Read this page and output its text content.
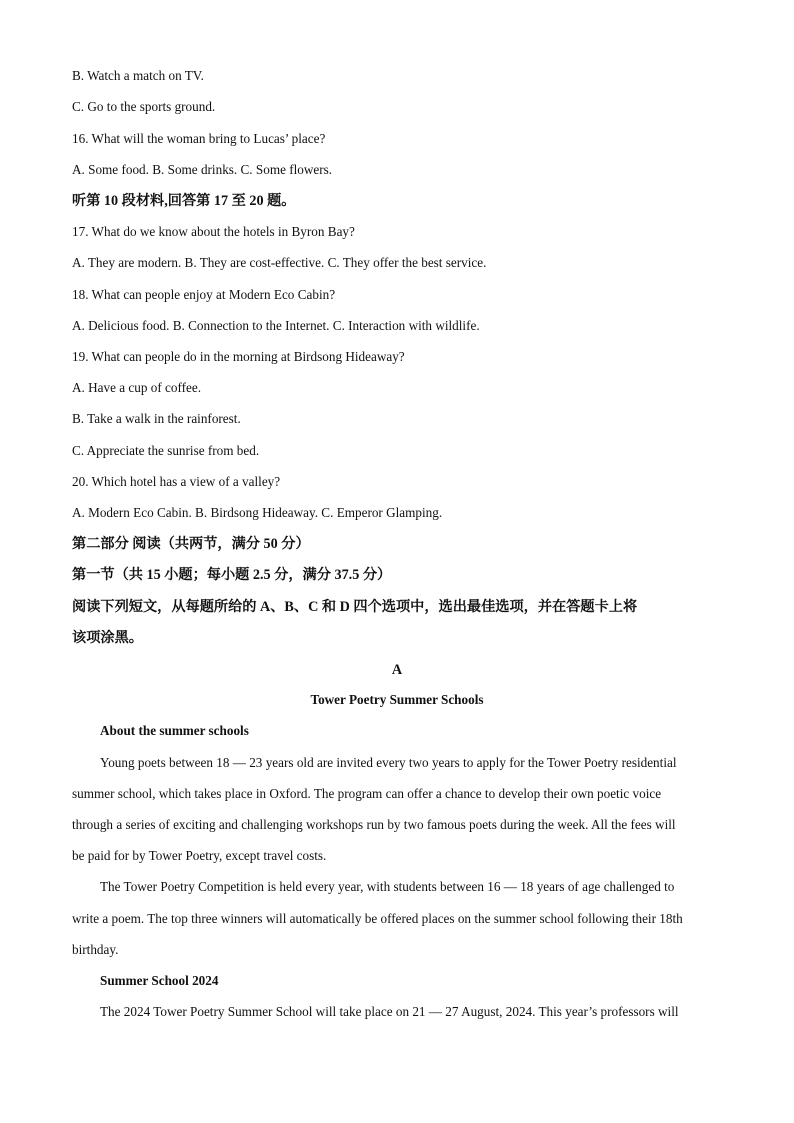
B. Watch a match on TV.
C. Go to the sports ground.
16. What will the woman bring to Lucas’ place?
A. Some food. B. Some drinks. C. Some flowers.
听第 10 段材料,回答第 17 至 20 题。
17. What do we know about the hotels in Byron Bay?
A. They are modern. B. They are cost-effective. C. They offer the best service.
18. What can people enjoy at Modern Eco Cabin?
A. Delicious food. B. Connection to the Internet. C. Interaction with wildlife.
19. What can people do in the morning at Birdsong Hideaway?
A. Have a cup of coffee.
B. Take a walk in the rainforest.
C. Appreciate the sunrise from bed.
20. Which hotel has a view of a valley?
A. Modern Eco Cabin. B. Birdsong Hideaway. C. Emperor Glamping.
第二部分 阅读（共两节，满分 50 分）
第一节（共 15 小题；每小题 2.5 分，满分 37.5 分）
阅读下列短文，从每题所给的 A、B、C 和 D 四个选项中，选出最佳选项，并在答题卡上将
该项涂黑。
A
Tower Poetry Summer Schools
About the summer schools
Young poets between 18 — 23 years old are invited every two years to apply for the Tower Poetry residential
summer school, which takes place in Oxford. The program can offer a chance to develop their own poetic voice
through a series of exciting and challenging workshops run by two famous poets during the week. All the fees will
be paid for by Tower Poetry, except travel costs.
The Tower Poetry Competition is held every year, with students between 16 — 18 years of age challenged to
write a poem. The top three winners will automatically be offered places on the summer school following their 18th
birthday.
Summer School 2024
The 2024 Tower Poetry Summer School will take place on 21 — 27 August, 2024. This year’s professors will
